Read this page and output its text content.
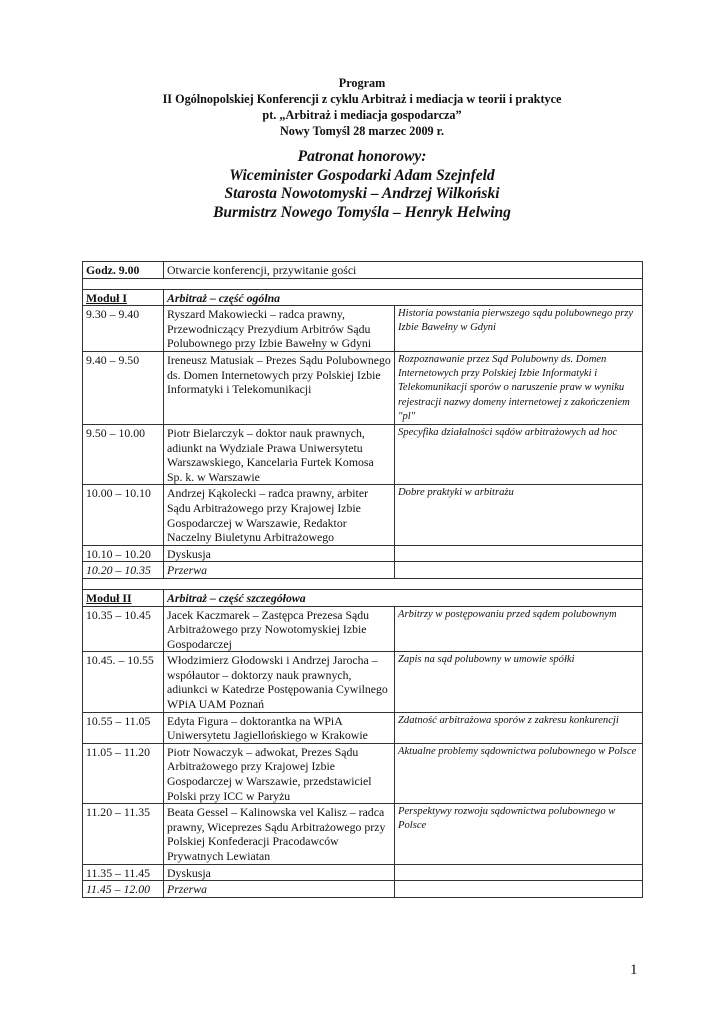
Program
II Ogólnopolskiej Konferencji z cyklu Arbitraż i mediacja w teorii i praktyce
pt. „Arbitraż i mediacja gospodarcza”
Nowy Tomyśl 28 marzec 2009 r.
Patronat honorowy:
Wiceminister Gospodarki Adam Szejnfeld
Starosta Nowotomyski – Andrzej Wilkoński
Burmistrz Nowego Tomyśla – Henryk Helwing
Godz. 9.00	Otwarcie konferencji, przywitanie gości	

Moduł I	Arbitraż – część ogólna	
9.30 – 9.40	Ryszard Makowiecki – radca prawny, Przewodniczący Prezydium Arbitrów Sądu Polubownego przy Izbie Bawełny w Gdyni	Historia powstania pierwszego sądu polubownego przy Izbie Bawełny w Gdyni
9.40 – 9.50	Ireneusz Matusiak – Prezes Sądu Polubownego ds. Domen Internetowych przy Polskiej Izbie Informatyki i Telekomunikacji	Rozpoznawanie przez Sąd Polubowny ds. Domen Internetowych przy Polskiej Izbie Informatyki i Telekomunikacji sporów o naruszenie praw w wyniku rejestracji nazwy domeny internetowej z zakończeniem "pl"
9.50 – 10.00	Piotr Bielarczyk – doktor nauk prawnych, adiunkt na Wydziale Prawa Uniwersytetu Warszawskiego, Kancelaria Furtek Komosa Sp. k. w Warszawie	Specyfika działalności sądów arbitrażowych ad hoc
10.00 – 10.10	Andrzej Kąkolecki – radca prawny, arbiter Sądu Arbitrażowego przy Krajowej Izbie Gospodarczej w Warszawie, Redaktor Naczelny Biuletynu Arbitrażowego	Dobre praktyki w arbitrażu
10.10 – 10.20	Dyskusja	
10.20 – 10.35	Przerwa	

Moduł II	Arbitraż – część szczegółowa	
10.35 – 10.45	Jacek Kaczmarek – Zastępca Prezesa Sądu Arbitrażowego przy Nowotomyskiej Izbie Gospodarczej	Arbitrzy w postępowaniu przed sądem polubownym
10.45. – 10.55	Włodzimierz Głodowski i Andrzej Jarocha – współautor – doktorzy nauk prawnych, adiunkci w Katedrze Postępowania Cywilnego WPiA UAM Poznań	Zapis na sąd polubowny w umowie spółki
10.55 – 11.05	Edyta Figura – doktorantka na WPiA Uniwersytetu Jagiellońskiego w Krakowie	Zdatność arbitrażowa sporów z zakresu konkurencji
11.05 – 11.20	Piotr Nowaczyk – adwokat, Prezes Sądu Arbitrażowego przy Krajowej Izbie Gospodarczej w Warszawie, przedstawiciel Polski przy ICC w Paryżu	Aktualne problemy sądownictwa polubownego w Polsce
11.20 – 11.35	Beata Gessel – Kalinowska vel Kalisz – radca prawny, Wiceprezes Sądu Arbitrażowego przy Polskiej Konfederacji Pracodawców Prywatnych Lewiatan	Perspektywy rozwoju sądownictwa polubownego w Polsce
11.35 – 11.45	Dyskusja	
11.45 – 12.00	Przerwa	
1
